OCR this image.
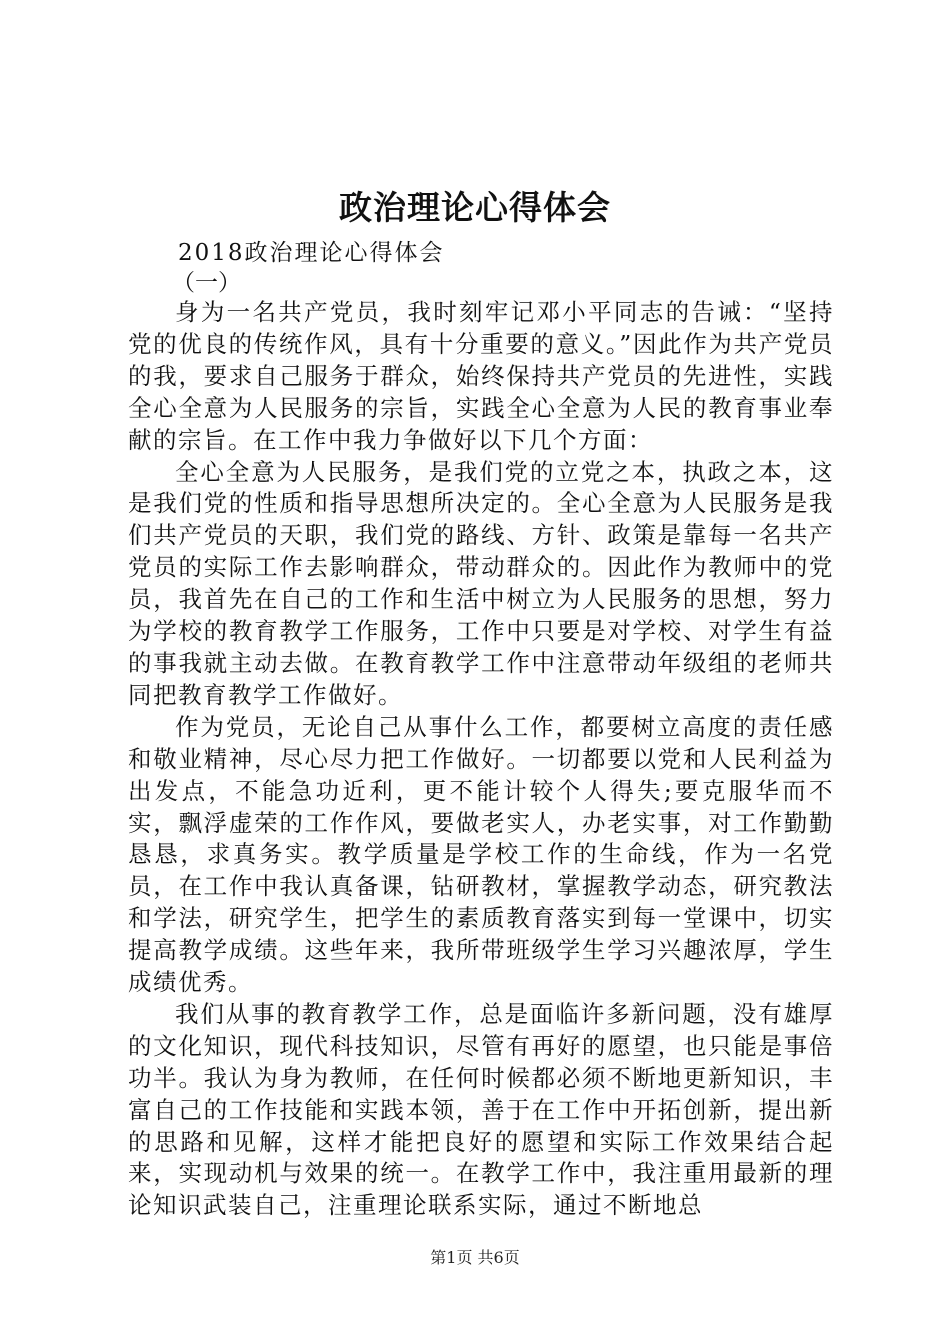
政治理论心得体会
2018政治理论心得体会
（一）

身为一名共产党员，我时刻牢记邓小平同志的告诫：“坚持党的优良的传统作风，具有十分重要的意义。”因此作为共产党员的我，要求自己服务于群众，始终保持共产党员的先进性，实践全心全意为人民服务的宗旨，实践全心全意为人民的教育事业奉献的宗旨。在工作中我力争做好以下几个方面：

全心全意为人民服务，是我们党的立党之本，执政之本，这是我们党的性质和指导思想所决定的。全心全意为人民服务是我们共产党员的天职，我们党的路线、方针、政策是靠每一名共产党员的实际工作去影响群众，带动群众的。因此作为教师中的党员，我首先在自己的工作和生活中树立为人民服务的思想，努力为学校的教育教学工作服务，工作中只要是对学校、对学生有益的事我就主动去做。在教育教学工作中注意带动年级组的老师共同把教育教学工作做好。

作为党员，无论自己从事什么工作，都要树立高度的责任感和敬业精神，尽心尽力把工作做好。一切都要以党和人民利益为出发点，不能急功近利，更不能计较个人得失;要克服华而不实，飘浮虚荣的工作作风，要做老实人，办老实事，对工作勤勤恳恳，求真务实。教学质量是学校工作的生命线，作为一名党员，在工作中我认真备课，钻研教材，掌握教学动态，研究教法和学法，研究学生，把学生的素质教育落实到每一堂课中，切实提高教学成绩。这些年来，我所带班级学生学习兴趣浓厚，学生成绩优秀。

我们从事的教育教学工作，总是面临许多新问题，没有雄厚的文化知识，现代科技知识，尽管有再好的愿望，也只能是事倍功半。我认为身为教师，在任何时候都必须不断地更新知识，丰富自己的工作技能和实践本领，善于在工作中开拓创新，提出新的思路和见解，这样才能把良好的愿望和实际工作效果结合起来，实现动机与效果的统一。在教学工作中，我注重用最新的理论知识武装自己，注重理论联系实际，通过不断地总

第1页 共6页
